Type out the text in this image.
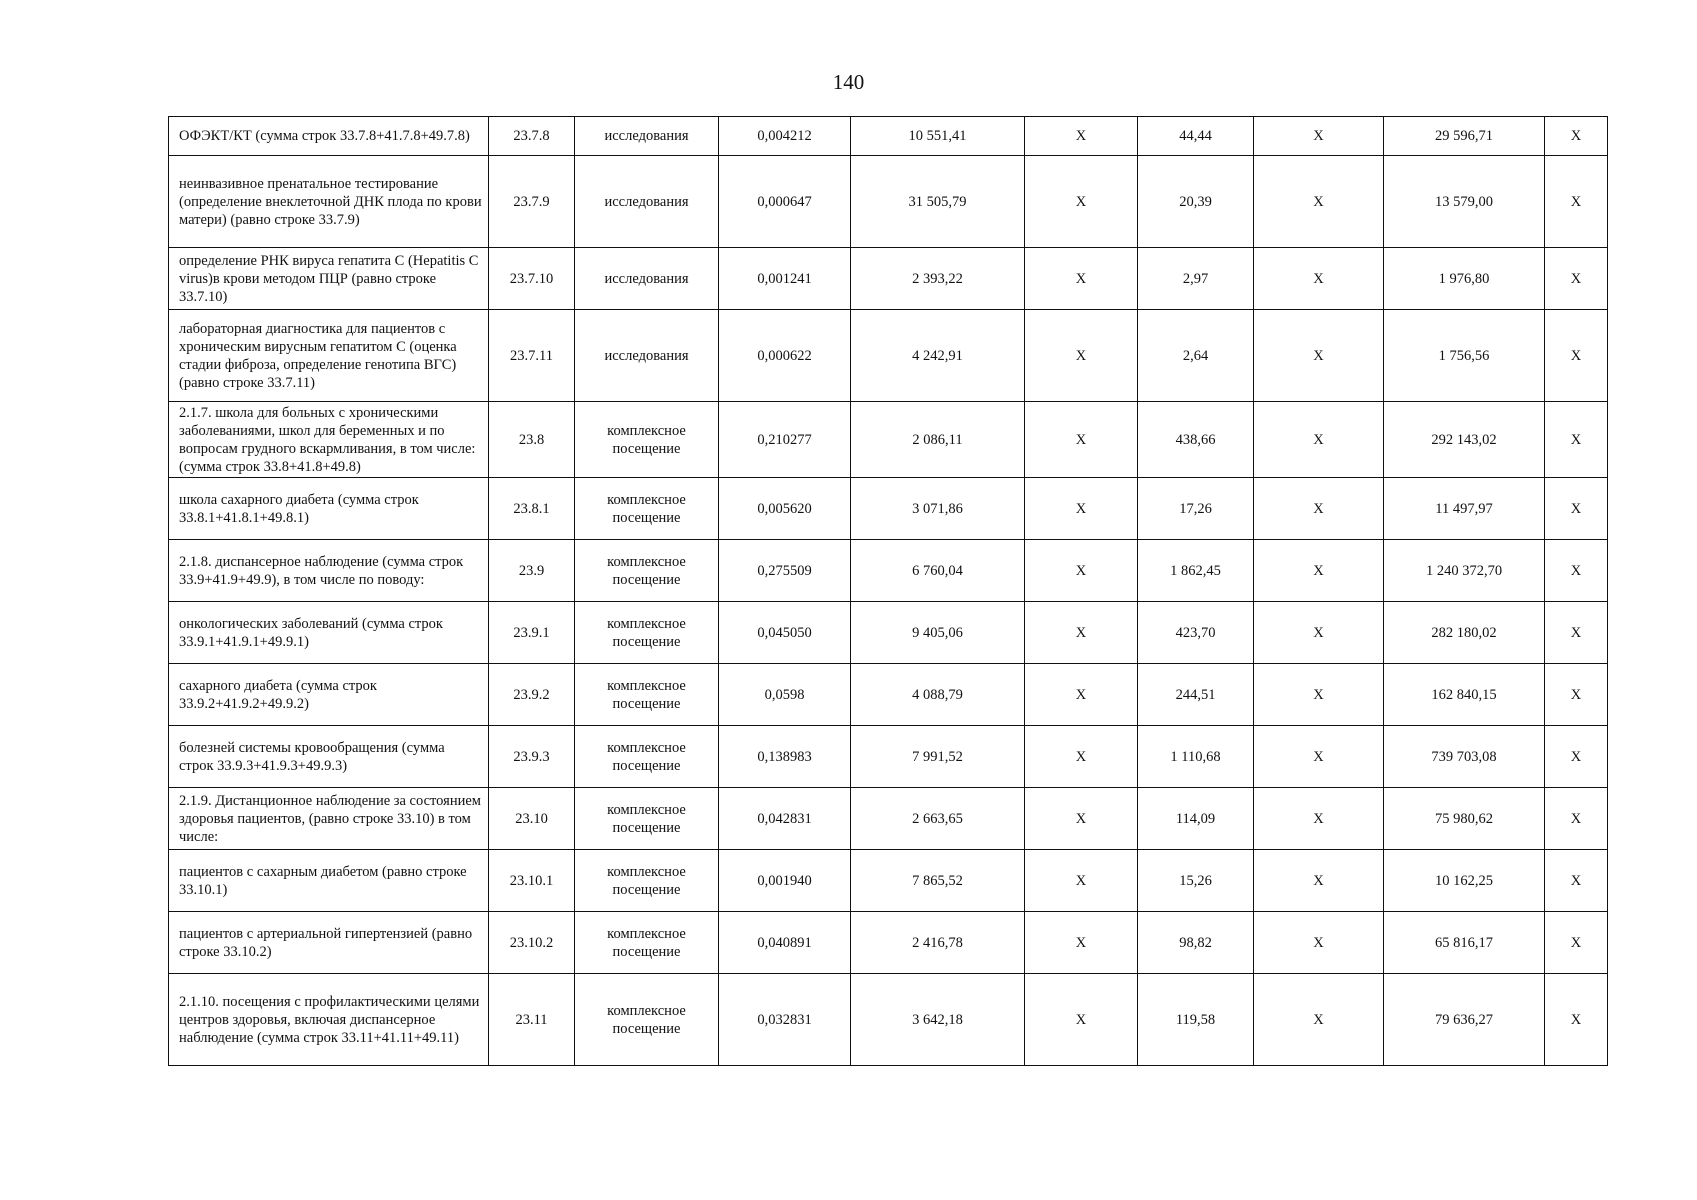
140
ОФЭКТ/КТ (сумма строк 33.7.8+41.7.8+49.7.8)	23.7.8	исследования	0,004212	10 551,41	Х	44,44	Х	29 596,71	Х
неинвазивное пренатальное тестирование (определение внеклеточной ДНК плода по крови матери) (равно строке 33.7.9)	23.7.9	исследования	0,000647	31 505,79	Х	20,39	Х	13 579,00	Х
определение РНК вируса гепатита С (Hepatitis C virus)в крови методом ПЦР (равно строке 33.7.10)	23.7.10	исследования	0,001241	2 393,22	Х	2,97	Х	1 976,80	Х
лабораторная диагностика для пациентов с хроническим вирусным гепатитом С (оценка стадии фиброза, определение генотипа ВГС) (равно строке 33.7.11)	23.7.11	исследования	0,000622	4 242,91	Х	2,64	Х	1 756,56	Х
2.1.7. школа для больных с хроническими заболеваниями, школ для беременных и по вопросам грудного вскармливания, в том числе: (сумма строк 33.8+41.8+49.8)	23.8	комплексное посещение	0,210277	2 086,11	Х	438,66	Х	292 143,02	Х
школа сахарного диабета (сумма строк 33.8.1+41.8.1+49.8.1)	23.8.1	комплексное посещение	0,005620	3 071,86	Х	17,26	Х	11 497,97	Х
2.1.8. диспансерное наблюдение (сумма строк 33.9+41.9+49.9), в том числе по поводу:	23.9	комплексное посещение	0,275509	6 760,04	Х	1 862,45	Х	1 240 372,70	Х
онкологических заболеваний (сумма строк 33.9.1+41.9.1+49.9.1)	23.9.1	комплексное посещение	0,045050	9 405,06	Х	423,70	Х	282 180,02	Х
сахарного диабета (сумма строк 33.9.2+41.9.2+49.9.2)	23.9.2	комплексное посещение	0,0598	4 088,79	Х	244,51	Х	162 840,15	Х
болезней системы кровообращения (сумма строк 33.9.3+41.9.3+49.9.3)	23.9.3	комплексное посещение	0,138983	7 991,52	Х	1 110,68	Х	739 703,08	Х
2.1.9. Дистанционное наблюдение за состоянием здоровья пациентов, (равно строке 33.10) в том числе:	23.10	комплексное посещение	0,042831	2 663,65	Х	114,09	Х	75 980,62	Х
пациентов с сахарным диабетом (равно строке 33.10.1)	23.10.1	комплексное посещение	0,001940	7 865,52	Х	15,26	Х	10 162,25	Х
пациентов с артериальной гипертензией (равно строке 33.10.2)	23.10.2	комплексное посещение	0,040891	2 416,78	Х	98,82	Х	65 816,17	Х
2.1.10. посещения с профилактическими целями центров здоровья, включая диспансерное наблюдение (сумма строк 33.11+41.11+49.11)	23.11	комплексное посещение	0,032831	3 642,18	Х	119,58	Х	79 636,27	Х
